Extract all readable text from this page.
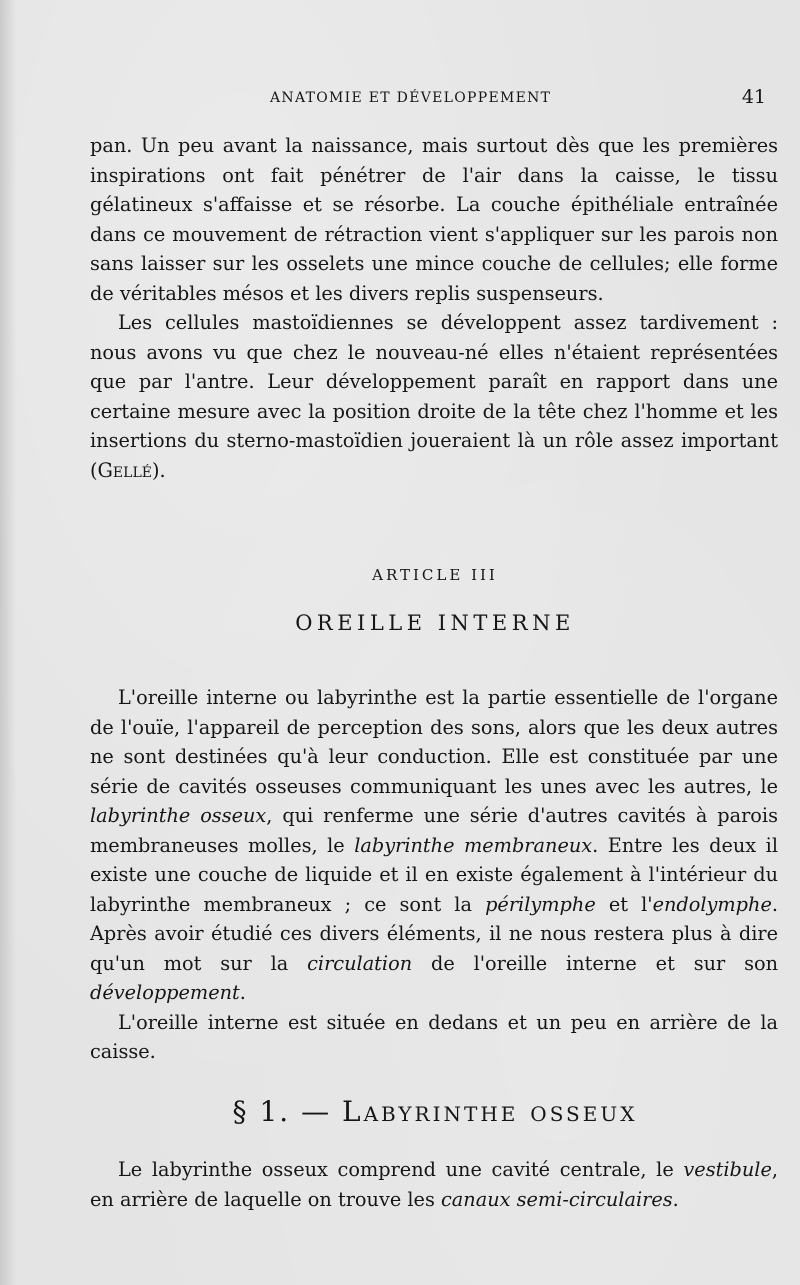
ANATOMIE ET DÉVELOPPEMENT	41

pan. Un peu avant la naissance, mais surtout dès que les premières inspirations ont fait pénétrer de l'air dans la caisse, le tissu gélatineux s'affaisse et se résorbe. La couche épithéliale entraînée dans ce mouvement de rétraction vient s'appliquer sur les parois non sans laisser sur les osselets une mince couche de cellules; elle forme de véritables mésos et les divers replis suspenseurs.

Les cellules mastoïdiennes se développent assez tardivement : nous avons vu que chez le nouveau-né elles n'étaient représentées que par l'antre. Leur développement paraît en rapport dans une certaine mesure avec la position droite de la tête chez l'homme et les insertions du sterno-mastoïdien joueraient là un rôle assez important (Gellé).

ARTICLE III
OREILLE INTERNE

L'oreille interne ou labyrinthe est la partie essentielle de l'organe de l'ouïe, l'appareil de perception des sons, alors que les deux autres ne sont destinées qu'à leur conduction. Elle est constituée par une série de cavités osseuses communiquant les unes avec les autres, le labyrinthe osseux, qui renferme une série d'autres cavités à parois membraneuses molles, le labyrinthe membraneux. Entre les deux il existe une couche de liquide et il en existe également à l'intérieur du labyrinthe membraneux ; ce sont la périlymphe et l'endolymphe. Après avoir étudié ces divers éléments, il ne nous restera plus à dire qu'un mot sur la circulation de l'oreille interne et sur son développement.

L'oreille interne est située en dedans et un peu en arrière de la caisse.

§ 1. — Labyrinthe osseux

Le labyrinthe osseux comprend une cavité centrale, le vestibule, en arrière de laquelle on trouve les canaux semi-circulaires.
